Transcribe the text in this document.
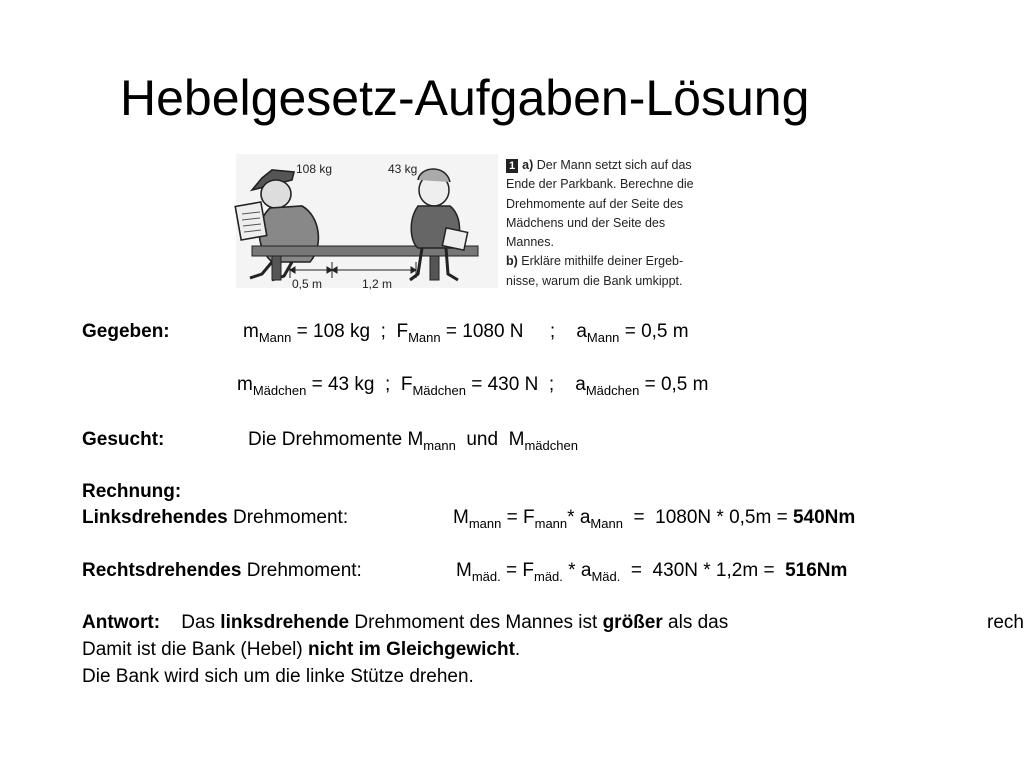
Hebelgesetz-Aufgaben-Lösung
108 kg	43 kg
0,5 m	1,2 m
1 a) Der Mann setzt sich auf das
Ende der Parkbank. Berechne die
Drehmomente auf der Seite des
Mädchens und der Seite des
Mannes.
b) Erkläre mithilfe deiner Ergeb-
nisse, warum die Bank umkippt.
Gegeben:	$m_{Mann} = 108$ kg  ;  $F_{Mann} = 1080$ N     ;    $a_{Mann} = 0,5$ m
$m_{Mädchen} = 43$ kg  ;  $F_{Mädchen} = 430$ N  ;    $a_{Mädchen} = 0,5$ m
Gesucht:	Die Drehmomente $M_{mann}$  und  $M_{mädchen}$
Rechnung:
Linksdrehendes Drehmoment:	$M_{mann} = F_{mann}*$ $a_{Mann} = 1080N * 0,5m = 540Nm$
Rechtsdrehendes Drehmoment:	$M_{mäd.} = F_{mäd.} * a_{Mäd.} = 430N * 1,2m = 516Nm$
Antwort: Das linksdrehende Drehmoment des Mannes ist größer als das	rech
Damit ist die Bank (Hebel) nicht im Gleichgewicht.
Die Bank wird sich um die linke Stütze drehen.
